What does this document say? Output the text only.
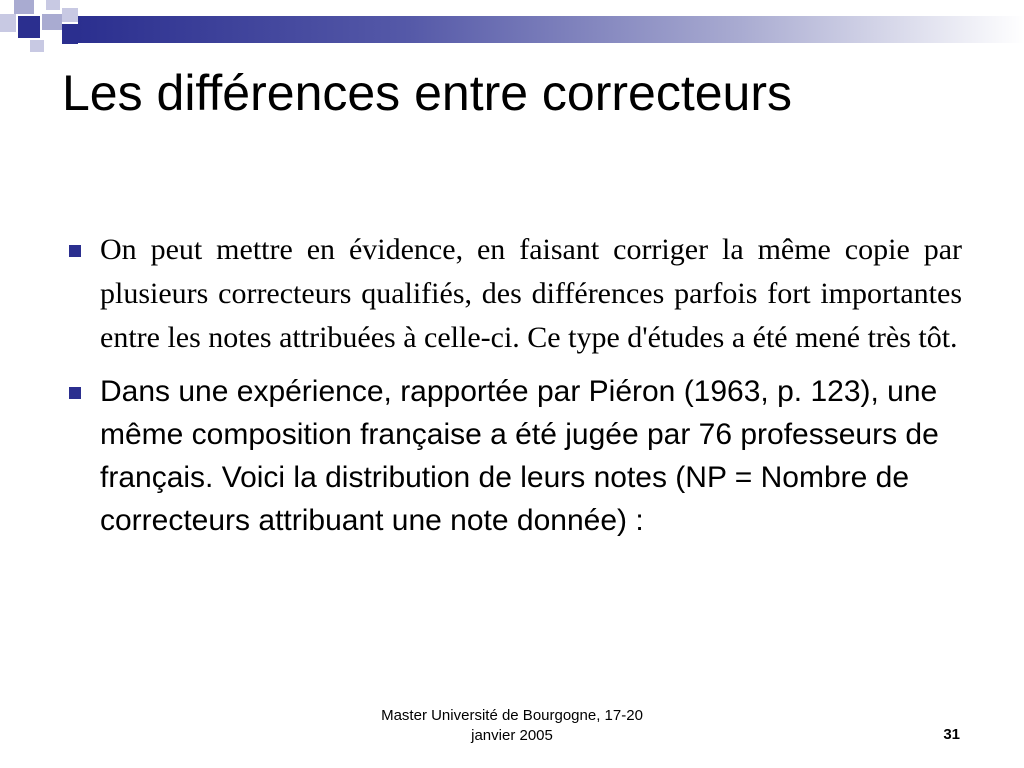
Les différences entre correcteurs
On peut mettre en évidence, en faisant corriger la même copie par plusieurs correcteurs qualifiés, des différences parfois fort importantes entre les notes attribuées à celle-ci. Ce type d'études a été mené très tôt.
Dans une expérience, rapportée par Piéron (1963, p. 123), une même composition française a été jugée par 76 professeurs de français. Voici la distribution de leurs notes (NP = Nombre de correcteurs attribuant une note donnée) :
Master Université de Bourgogne, 17-20
janvier 2005	31
